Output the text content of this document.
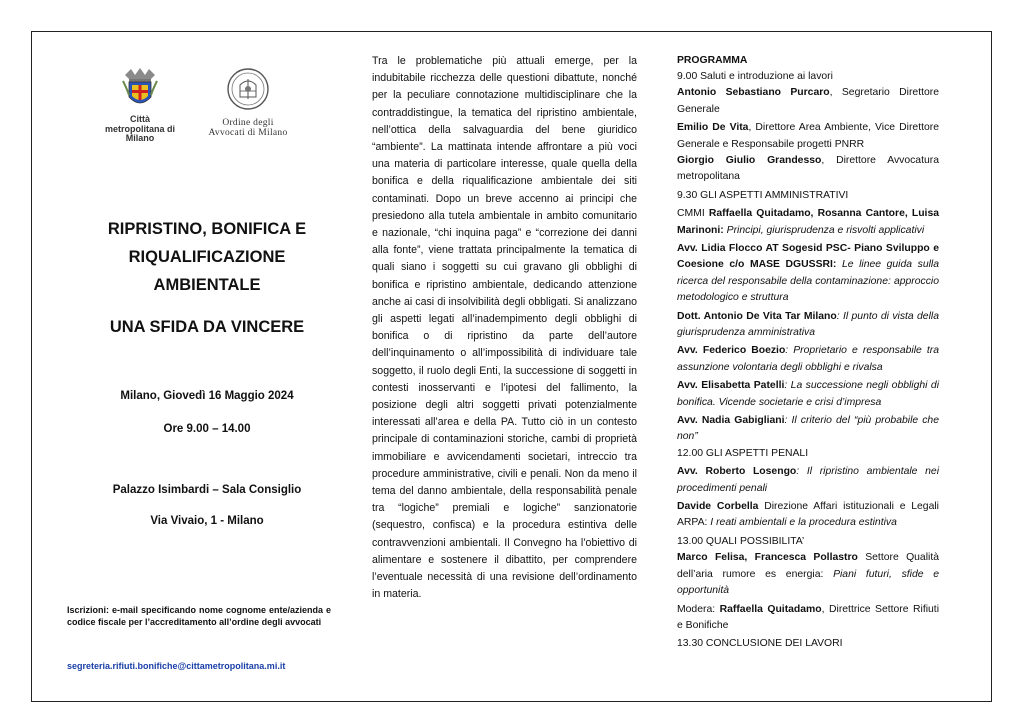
Città metropolitana di Milano
Ordine degli
Avvocati di Milano
RIPRISTINO, BONIFICA E
RIQUALIFICAZIONE
AMBIENTALE
UNA SFIDA DA VINCERE
Milano, Giovedì 16 Maggio 2024
Ore 9.00 – 14.00
Palazzo Isimbardi – Sala Consiglio
Via Vivaio, 1 - Milano
Iscrizioni: e-mail specificando nome cognome ente/azienda e codice fiscale per l’accreditamento all’ordine degli avvocati
segreteria.rifiuti.bonifiche@cittametropolitana.mi.it
Tra le problematiche più attuali emerge, per la indubitabile ricchezza delle questioni dibattute, nonché per la peculiare connotazione multidisciplinare che la contraddistingue, la tematica del ripristino ambientale, nell’ottica della salvaguardia del bene giuridico “ambiente”. La mattinata intende affrontare a più voci una materia di particolare interesse, quale quella della bonifica e della riqualificazione ambientale dei siti contaminati. Dopo un breve accenno ai principi che presiedono alla tutela ambientale in ambito comunitario e nazionale, “chi inquina paga” e “correzione dei danni alla fonte”, viene trattata principalmente la tematica di quali siano i soggetti su cui gravano gli obblighi di bonifica e ripristino ambientale, dedicando attenzione anche ai casi di insolvibilità degli obbligati. Si analizzano gli aspetti legati all’inadempimento degli obblighi di bonifica o di ripristino da parte dell’autore dell’inquinamento o all’impossibilità di individuare tale soggetto, il ruolo degli Enti, la successione di soggetti in contesti inosservanti e l’ipotesi del fallimento, la posizione degli altri soggetti privati potenzialmente interessati all’area e della PA. Tutto ciò in un contesto principale di contaminazioni storiche, cambi di proprietà immobiliare e avvicendamenti societari, intreccio tra procedure amministrative, civili e penali. Non da meno il tema del danno ambientale, della responsabilità penale tra “logiche” premiali e logiche” sanzionatorie (sequestro, confisca) e la procedura estintiva delle contravvenzioni ambientali. Il Convegno ha l’obiettivo di alimentare e sostenere il dibattito, per comprendere l’eventuale necessità di una revisione dell’ordinamento in materia.
PROGRAMMA
9.00 Saluti e introduzione ai lavori
Antonio Sebastiano Purcaro, Segretario Direttore Generale
Emilio De Vita, Direttore Area Ambiente, Vice Direttore Generale e Responsabile progetti PNRR
Giorgio Giulio Grandesso, Direttore Avvocatura metropolitana
9.30 GLI ASPETTI AMMINISTRATIVI
CMMI Raffaella Quitadamo, Rosanna Cantore, Luisa Marinoni: Principi, giurisprudenza e risvolti applicativi
Avv. Lidia Flocco AT Sogesid PSC- Piano Sviluppo e Coesione c/o MASE DGUSSRI: Le linee guida sulla ricerca del responsabile della contaminazione: approccio metodologico e struttura
Dott. Antonio De Vita Tar Milano: Il punto di vista della giurisprudenza amministrativa
Avv. Federico Boezio: Proprietario e responsabile tra assunzione volontaria degli obblighi e rivalsa
Avv. Elisabetta Patelli: La successione negli obblighi di bonifica. Vicende societarie e crisi d’impresa
Avv. Nadia Gabigliani: Il criterio del “più probabile che non”
12.00 GLI ASPETTI PENALI
Avv. Roberto Losengo: Il ripristino ambientale nei procedimenti penali
Davide Corbella Direzione Affari istituzionali e Legali ARPA: I reati ambientali e la procedura estintiva
13.00 QUALI POSSIBILITA’
Marco Felisa, Francesca Pollastro Settore Qualità dell’aria rumore es energia: Piani futuri, sfide e opportunità
Modera: Raffaella Quitadamo, Direttrice Settore Rifiuti e Bonifiche
13.30 CONCLUSIONE DEI LAVORI
